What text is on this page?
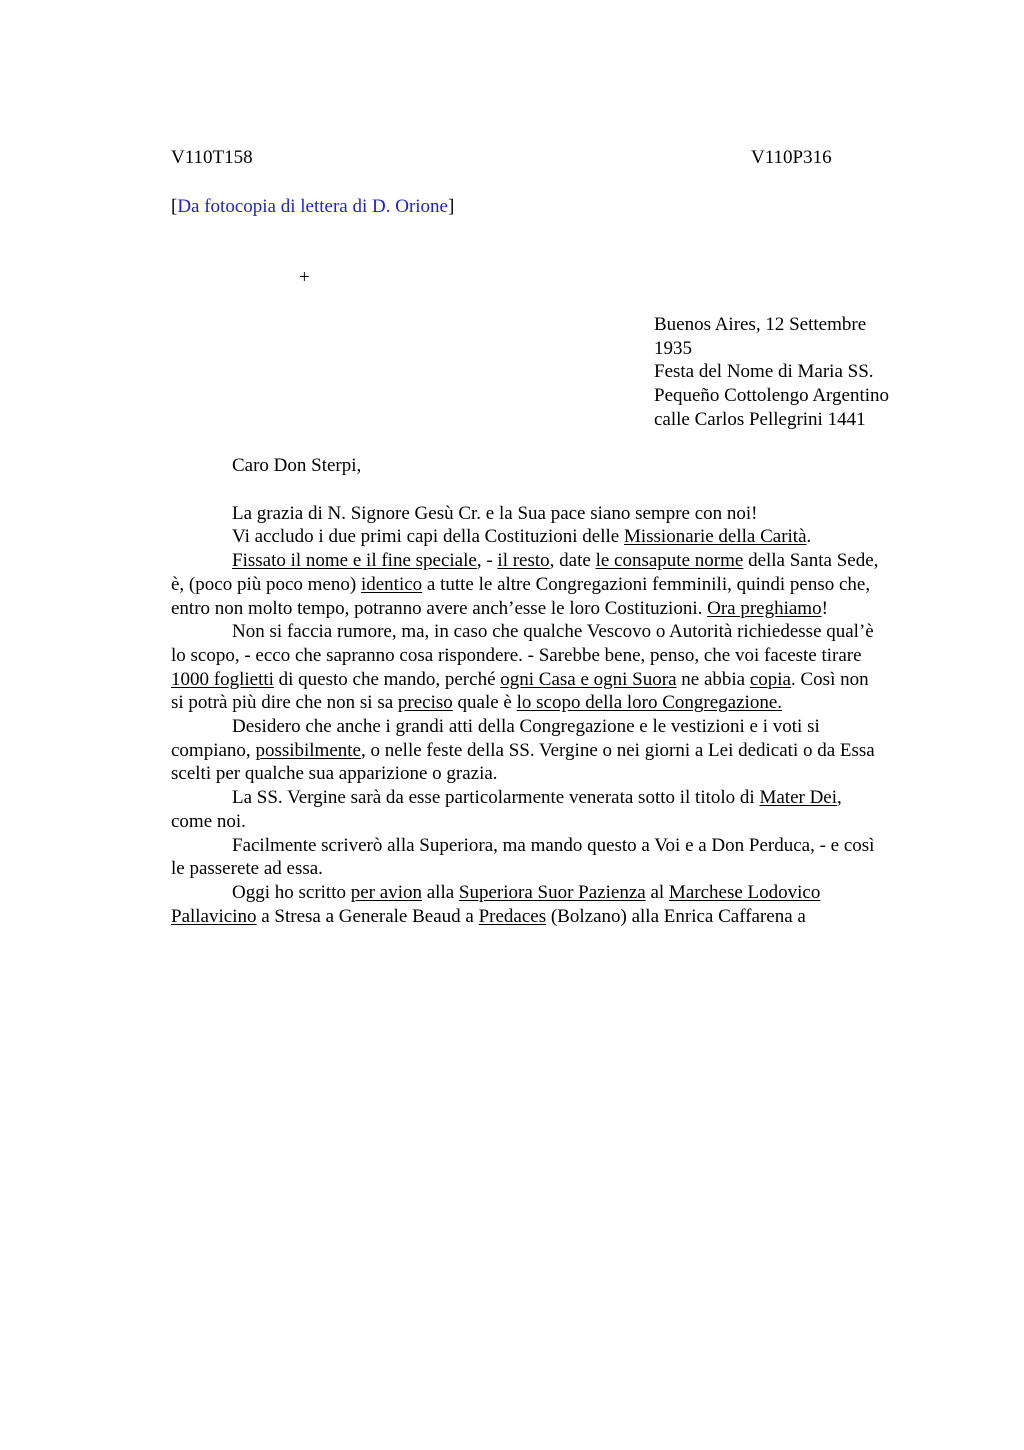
V110T158	V110P316
[Da fotocopia di lettera di D. Orione]
+
Buenos Aires, 12 Settembre
1935
Festa del Nome di Maria SS.
Pequeño Cottolengo Argentino
calle Carlos Pellegrini 1441

Caro Don Sterpi,

La grazia di N. Signore Gesù Cr. e la Sua pace siano sempre con noi!

Vi accludo i due primi capi della Costituzioni delle Missionarie della Carità.

Fissato il nome e il fine speciale, - il resto, date le consapute norme della Santa Sede, è, (poco più poco meno) identico a tutte le altre Congregazioni femminili, quindi penso che, entro non molto tempo, potranno avere anch’esse le loro Costituzioni. Ora preghiamo!

Non si faccia rumore, ma, in caso che qualche Vescovo o Autorità richiedesse qual’è lo scopo, - ecco che sapranno cosa rispondere. - Sarebbe bene, penso, che voi faceste tirare 1000 foglietti di questo che mando, perché ogni Casa e ogni Suora ne abbia copia. Così non si potrà più dire che non si sa preciso quale è lo scopo della loro Congregazione.

Desidero che anche i grandi atti della Congregazione e le vestizioni e i voti si compiano, possibilmente, o nelle feste della SS. Vergine o nei giorni a Lei dedicati o da Essa scelti per qualche sua apparizione o grazia.

La SS. Vergine sarà da esse particolarmente venerata sotto il titolo di Mater Dei, come noi.

Facilmente scriverò alla Superiora, ma mando questo a Voi e a Don Perduca, - e così le passerete ad essa.

Oggi ho scritto per avion alla Superiora Suor Pazienza al Marchese Lodovico Pallavicino a Stresa a Generale Beaud a Predaces (Bolzano) alla Enrica Caffarena a
